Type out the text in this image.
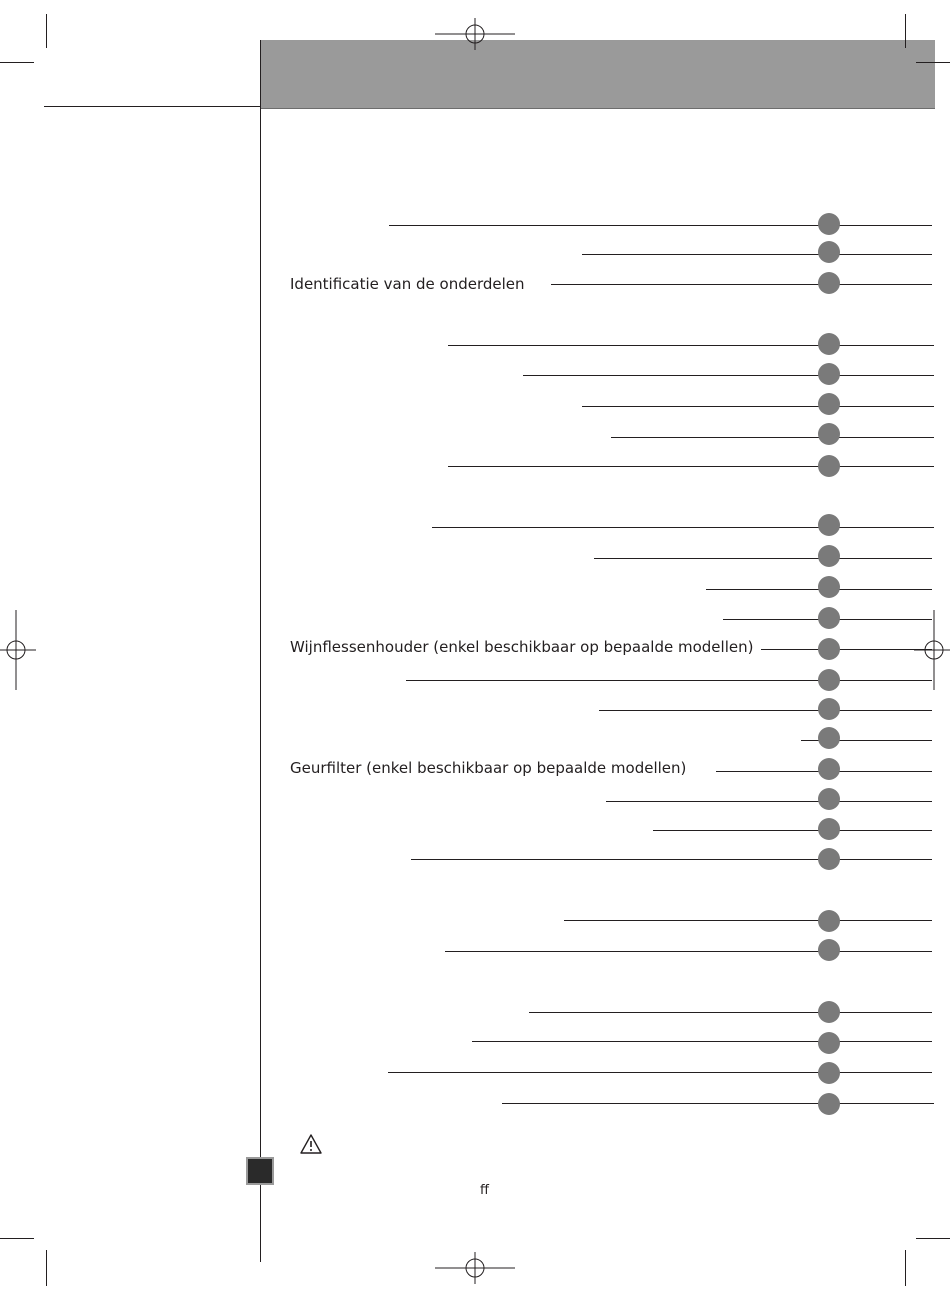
Identificatie van de onderdelen
Wijnflessenhouder (enkel beschikbaar op bepaalde modellen)
Geurfilter (enkel beschikbaar op bepaalde modellen)
ff
